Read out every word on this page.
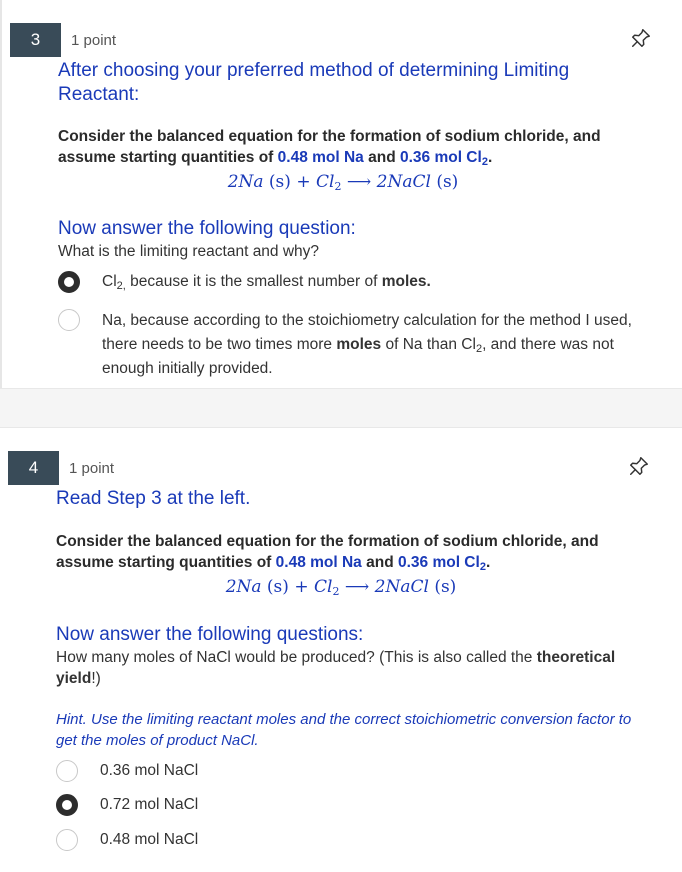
3	1 point
After choosing your preferred method of determining Limiting Reactant:
Consider the balanced equation for the formation of sodium chloride, and assume starting quantities of 0.48 mol Na and 0.36 mol $Cl_2$.
2Na $(s) + Cl_2$ ⟶ 2NaCl (s)
Now answer the following question:
What is the limiting reactant and why?
$Cl_{2,}$ because it is the smallest number of moles.
Na, because according to the stoichiometry calculation for the method I used, there needs to be two times more moles of Na than $Cl_2$, and there was not enough initially provided.
4	1 point
Read Step 3 at the left.
Consider the balanced equation for the formation of sodium chloride, and assume starting quantities of 0.48 mol Na and 0.36 mol $Cl_2$.
2Na $(s) + Cl_2$ ⟶ 2NaCl (s)
Now answer the following questions:
How many moles of NaCl would be produced? (This is also called the theoretical yield!)
Hint. Use the limiting reactant moles and the correct stoichiometric conversion factor to get the moles of product NaCl.
0.36 mol NaCl
0.72 mol NaCl
0.48 mol NaCl
